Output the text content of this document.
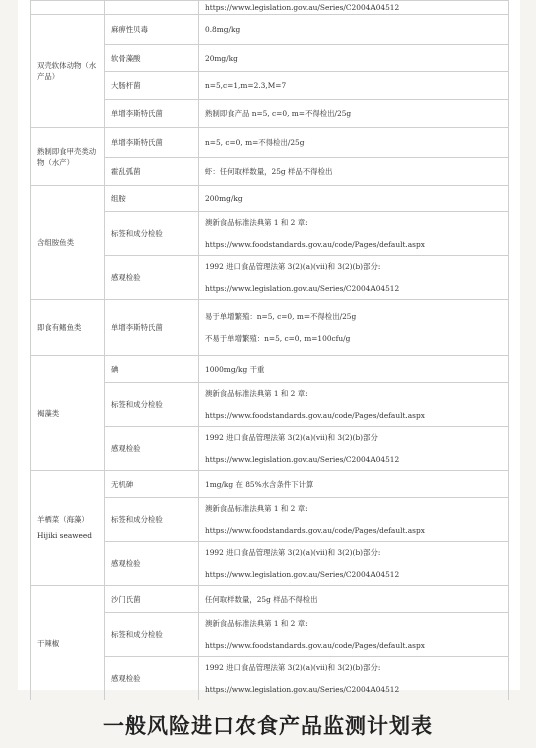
		https://www.legislation.gov.au/Series/C2004A04512

双壳软体动物（水产品）	麻痹性贝毒	0.8mg/kg

	软骨藻酸	20mg/kg

	大肠杆菌	n=5,c=1,m=2.3,M=7

	单增李斯特氏菌	熟制即食产品 n=5, c=0, m=不得检出/25g

熟制即食甲壳类动物（水产）	单增李斯特氏菌	n=5, c=0, m=不得检出/25g

	霍乱弧菌	虾：任何取样数量，25g 样品不得检出

含组胺鱼类	组胺	200mg/kg

	标签和成分检验	澳新食品标准法典第 1 和 2 章:
https://www.foodstandards.gov.au/code/Pages/default.aspx

	感观检验	1992 进口食品管理法第 3(2)(a)(vii)和 3(2)(b)部分:
https://www.legislation.gov.au/Series/C2004A04512

即食有鳍鱼类	单增李斯特氏菌	易于单增繁殖：n=5, c=0, m=不得检出/25g
不易于单增繁殖：n=5, c=0, m=100cfu/g

褐藻类	碘	1000mg/kg 干重

	标签和成分检验	澳新食品标准法典第 1 和 2 章:
https://www.foodstandards.gov.au/code/Pages/default.aspx

	感观检验	1992 进口食品管理法第 3(2)(a)(vii)和 3(2)(b)部分
https://www.legislation.gov.au/Series/C2004A04512

羊栖菜（海藻）
Hijiki seaweed	无机砷	1mg/kg 在 85%水含条件下计算

	标签和成分检验	澳新食品标准法典第 1 和 2 章:
https://www.foodstandards.gov.au/code/Pages/default.aspx

	感观检验	1992 进口食品管理法第 3(2)(a)(vii)和 3(2)(b)部分:
https://www.legislation.gov.au/Series/C2004A04512

干辣椒	沙门氏菌	任何取样数量，25g 样品不得检出

	标签和成分检验	澳新食品标准法典第 1 和 2 章:
https://www.foodstandards.gov.au/code/Pages/default.aspx

	感观检验	1992 进口食品管理法第 3(2)(a)(vii)和 3(2)(b)部分:
https://www.legislation.gov.au/Series/C2004A04512
一般风险进口农食产品监测计划表
